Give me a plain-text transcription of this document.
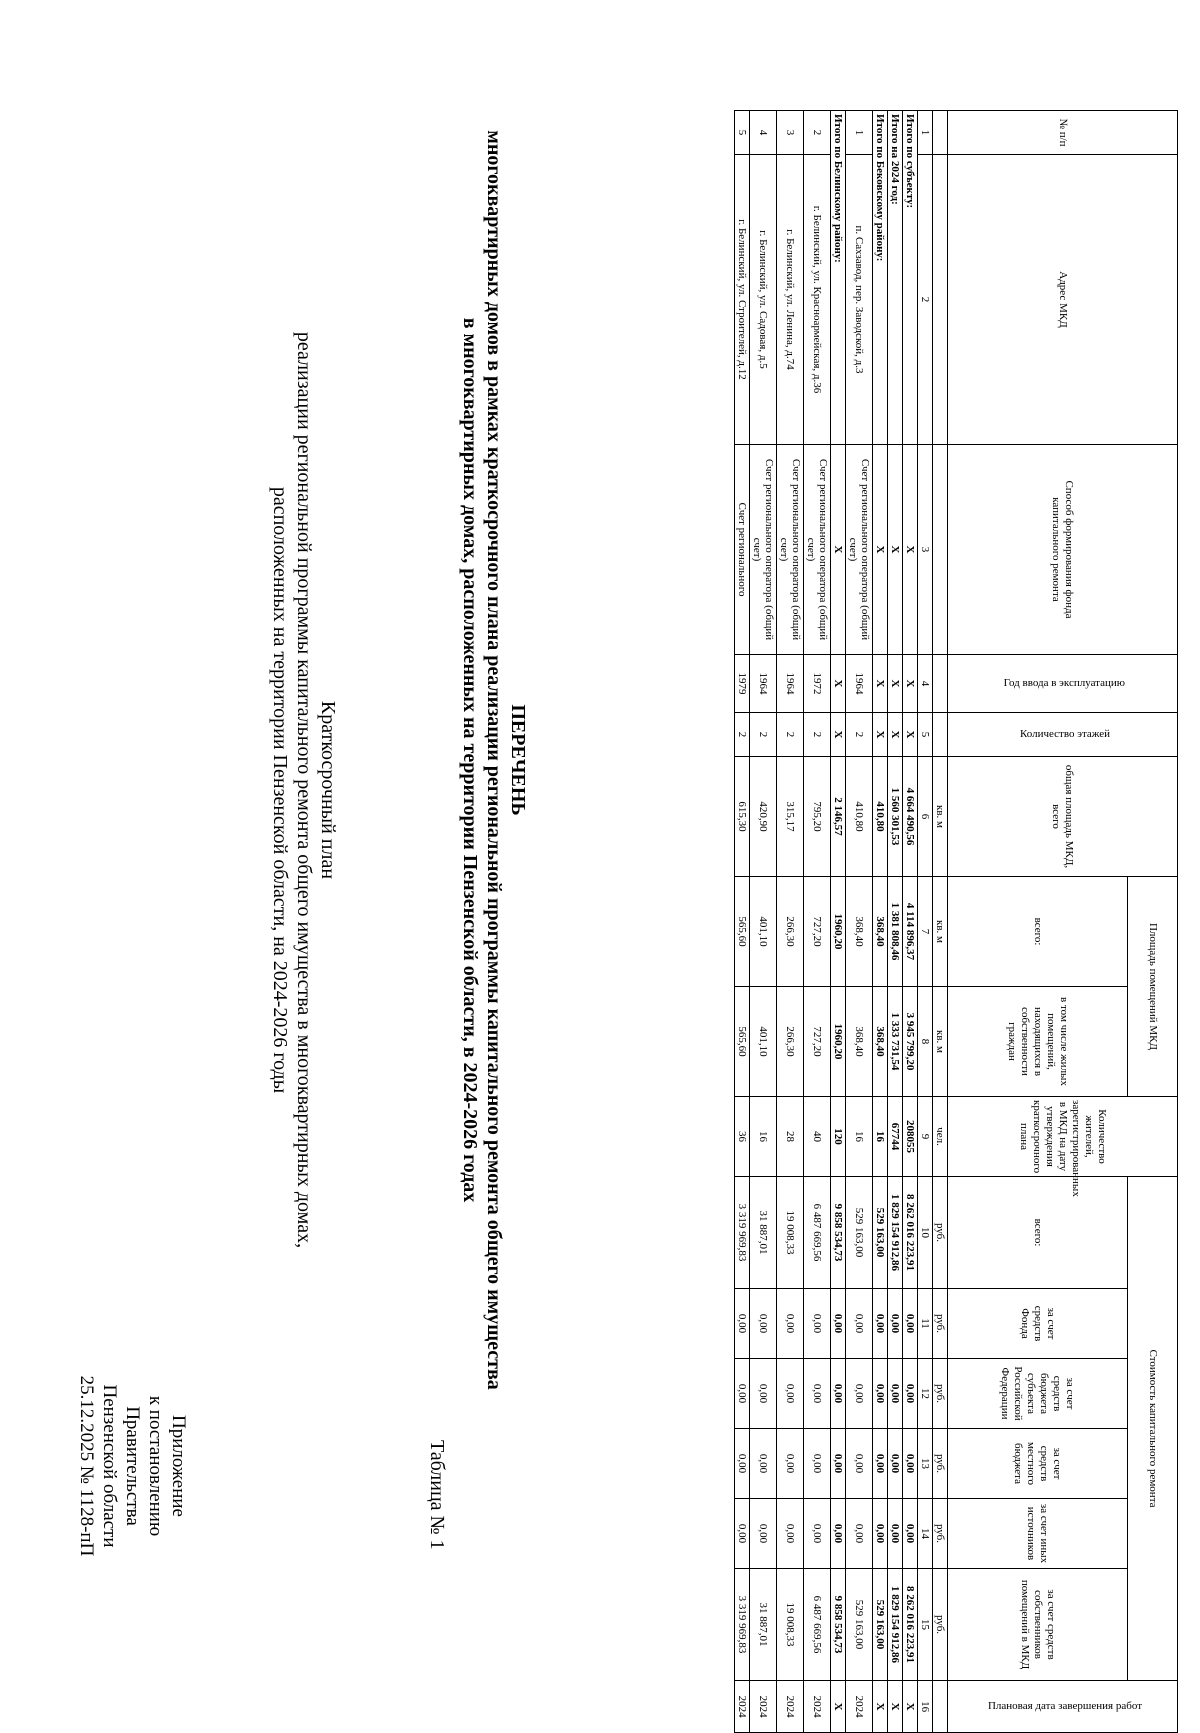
Приложение
к постановлению Правительства
Пензенской области
25.12.2025 № 1128-пП	Таблица № 1
Краткосрочный план
реализации региональной программы капитального ремонта общего имущества в многоквартирных домах,
расположенных на территории Пензенской области, на 2024-2026 годы	ПЕРЕЧЕНЬ
многоквартирных домов в рамках краткосрочного плана реализации региональной программы капитального ремонта общего имущества
в многоквартирных домах, расположенных на территории Пензенской области, в 2024-2026 годах
№ п/п	Адрес МКД	Способ формирования фонда капитального ремонта	Год ввода в эксплуатацию	Количество этажей	общая площадь МКД, всего	Площадь помещений МКД		Количество жителей, зарегистрированных в МКД на дату утверждения краткосрочного плана	Стоимость капитального ремонта						Плановая дата завершения работ
						всего:	в том числе жилых помещений, находящихся в собственности граждан		всего:	за счет средств Фонда	за счет средств бюджета субъекта Российской Федерации	за счет средств местного бюджета	за счет иных источников	за счет средств собственников помещений в МКД	
					кв. м	кв. м	кв. м	чел.	руб.	руб.	руб.	руб.	руб.	руб.	
1	2	3	4	5	6	7	8	9	10	11	12	13	14	15	16
Итого по субъекту:		Х	Х	Х	4 664 490,56	4 114 896,37	3 945 799,20	208055	8 262 016 223,91	0,00	0,00	0,00	0,00	8 262 016 223,91	Х
Итого на 2024 год:		Х	Х	Х	1 560 301,53	1 381 808,46	1 333 731,54	67744	1 829 154 912,86	0,00	0,00	0,00	0,00	1 829 154 912,86	Х
Итого по Бековскому району:		Х	Х	Х	410,80	368,40	368,40	16	529 163,00	0,00	0,00	0,00	0,00	529 163,00	Х
1	п. Сахзавод, пер. Заводской, д.3	Счет регионального оператора (общий счет)	1964	2	410,80	368,40	368,40	16	529 163,00	0,00	0,00	0,00	0,00	529 163,00	2024
Итого по Белинскому району:		Х	Х	Х	2 146,57	1960,20	1960,20	120	9 858 534,73	0,00	0,00	0,00	0,00	9 858 534,73	Х
2	г. Белинский, ул. Красноармейская, д.36	Счет регионального оператора (общий счет)	1972	2	795,20	727,20	727,20	40	6 487 669,56	0,00	0,00	0,00	0,00	6 487 669,56	2024
3	г. Белинский, ул. Ленина, д.74	Счет регионального оператора (общий счет)	1964	2	315,17	266,30	266,30	28	19 008,33	0,00	0,00	0,00	0,00	19 008,33	2024
4	г. Белинский, ул. Садовая, д.5	Счет регионального оператора (общий счет)	1964	2	420,90	401,10	401,10	16	31 887,01	0,00	0,00	0,00	0,00	31 887,01	2024
5	г. Белинский, ул. Строителей, д.12	Счет регионального	1979	2	615,30	565,60	565,60	36	3 319 969,83	0,00	0,00	0,00	0,00	3 319 969,83	2024
